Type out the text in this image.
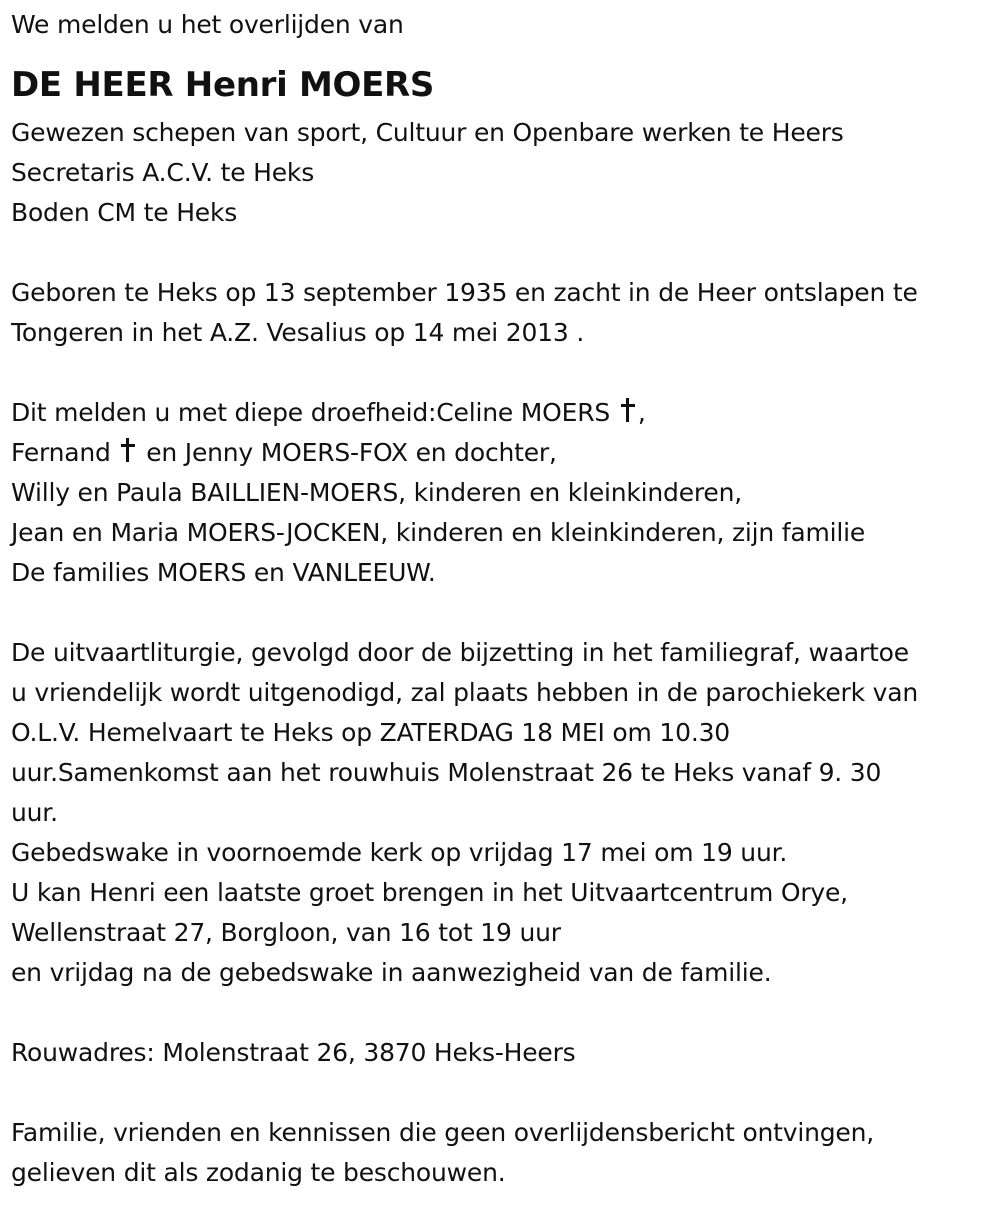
We melden u het overlijden van
DE HEER Henri MOERS
Gewezen schepen van sport, Cultuur en Openbare werken te Heers
Secretaris A.C.V. te Heks
Boden CM te Heks
Geboren te Heks op 13 september 1935 en zacht in de Heer ontslapen te
Tongeren in het A.Z. Vesalius op 14 mei 2013 .
Dit melden u met diepe droefheid:Celine MOERS ,
Fernand  en Jenny MOERS-FOX en dochter,
Willy en Paula BAILLIEN-MOERS, kinderen en kleinkinderen,
Jean en Maria MOERS-JOCKEN, kinderen en kleinkinderen, zijn familie
De families MOERS en VANLEEUW.
De uitvaartliturgie, gevolgd door de bijzetting in het familiegraf, waartoe
u vriendelijk wordt uitgenodigd, zal plaats hebben in de parochiekerk van
O.L.V. Hemelvaart te Heks op ZATERDAG 18 MEI om 10.30
uur.Samenkomst aan het rouwhuis Molenstraat 26 te Heks vanaf 9. 30
uur.
Gebedswake in voornoemde kerk op vrijdag 17 mei om 19 uur.
U kan Henri een laatste groet brengen in het Uitvaartcentrum Orye,
Wellenstraat 27, Borgloon, van 16 tot 19 uur
en vrijdag na de gebedswake in aanwezigheid van de familie.
Rouwadres: Molenstraat 26, 3870 Heks-Heers
Familie, vrienden en kennissen die geen overlijdensbericht ontvingen,
gelieven dit als zodanig te beschouwen.
